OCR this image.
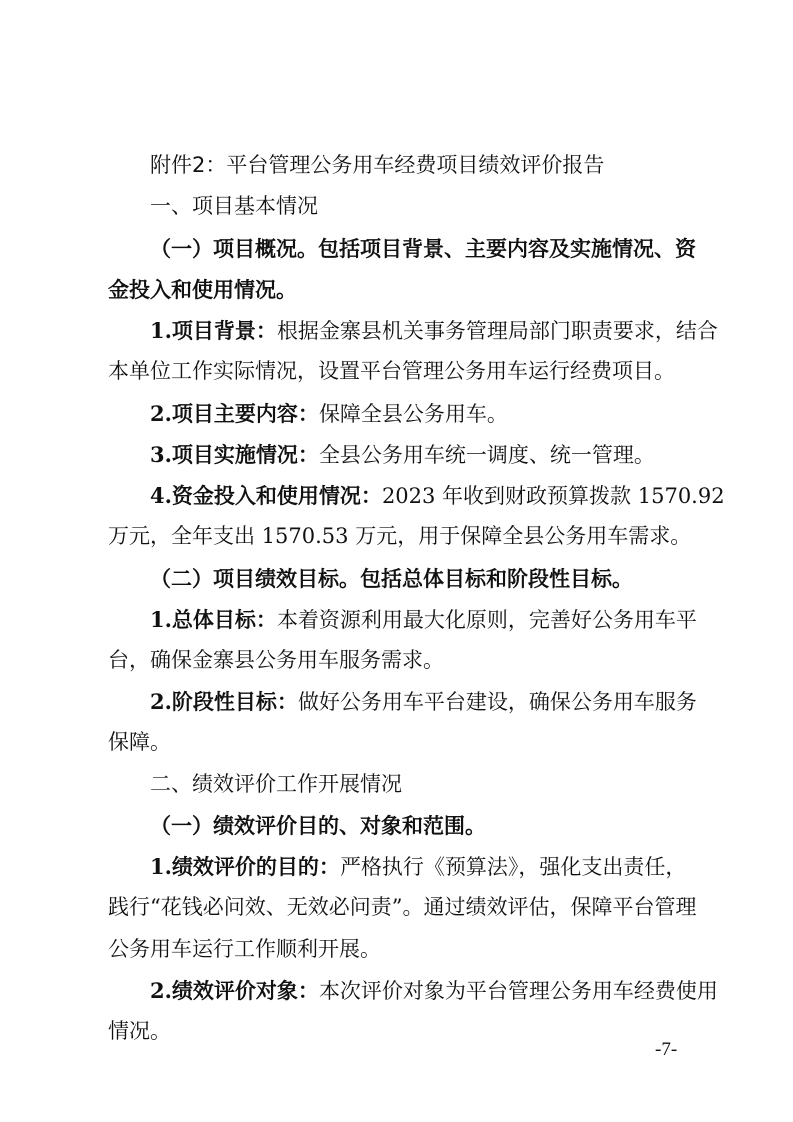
附件2：平台管理公务用车经费项目绩效评价报告
一、项目基本情况
（一）项目概况。包括项目背景、主要内容及实施情况、资
金投入和使用情况。
1.项目背景：根据金寨县机关事务管理局部门职责要求，结合
本单位工作实际情况，设置平台管理公务用车运行经费项目。
2.项目主要内容：保障全县公务用车。
3.项目实施情况：全县公务用车统一调度、统一管理。
4.资金投入和使用情况：2023 年收到财政预算拨款 1570.92
万元，全年支出 1570.53 万元，用于保障全县公务用车需求。
（二）项目绩效目标。包括总体目标和阶段性目标。
1.总体目标：本着资源利用最大化原则，完善好公务用车平
台，确保金寨县公务用车服务需求。
2.阶段性目标：做好公务用车平台建设，确保公务用车服务
保障。
二、绩效评价工作开展情况
（一）绩效评价目的、对象和范围。
1.绩效评价的目的：严格执行《预算法》，强化支出责任，
践行“花钱必问效、无效必问责”。通过绩效评估，保障平台管理
公务用车运行工作顺利开展。
2.绩效评价对象：本次评价对象为平台管理公务用车经费使用
情况。
-7-
